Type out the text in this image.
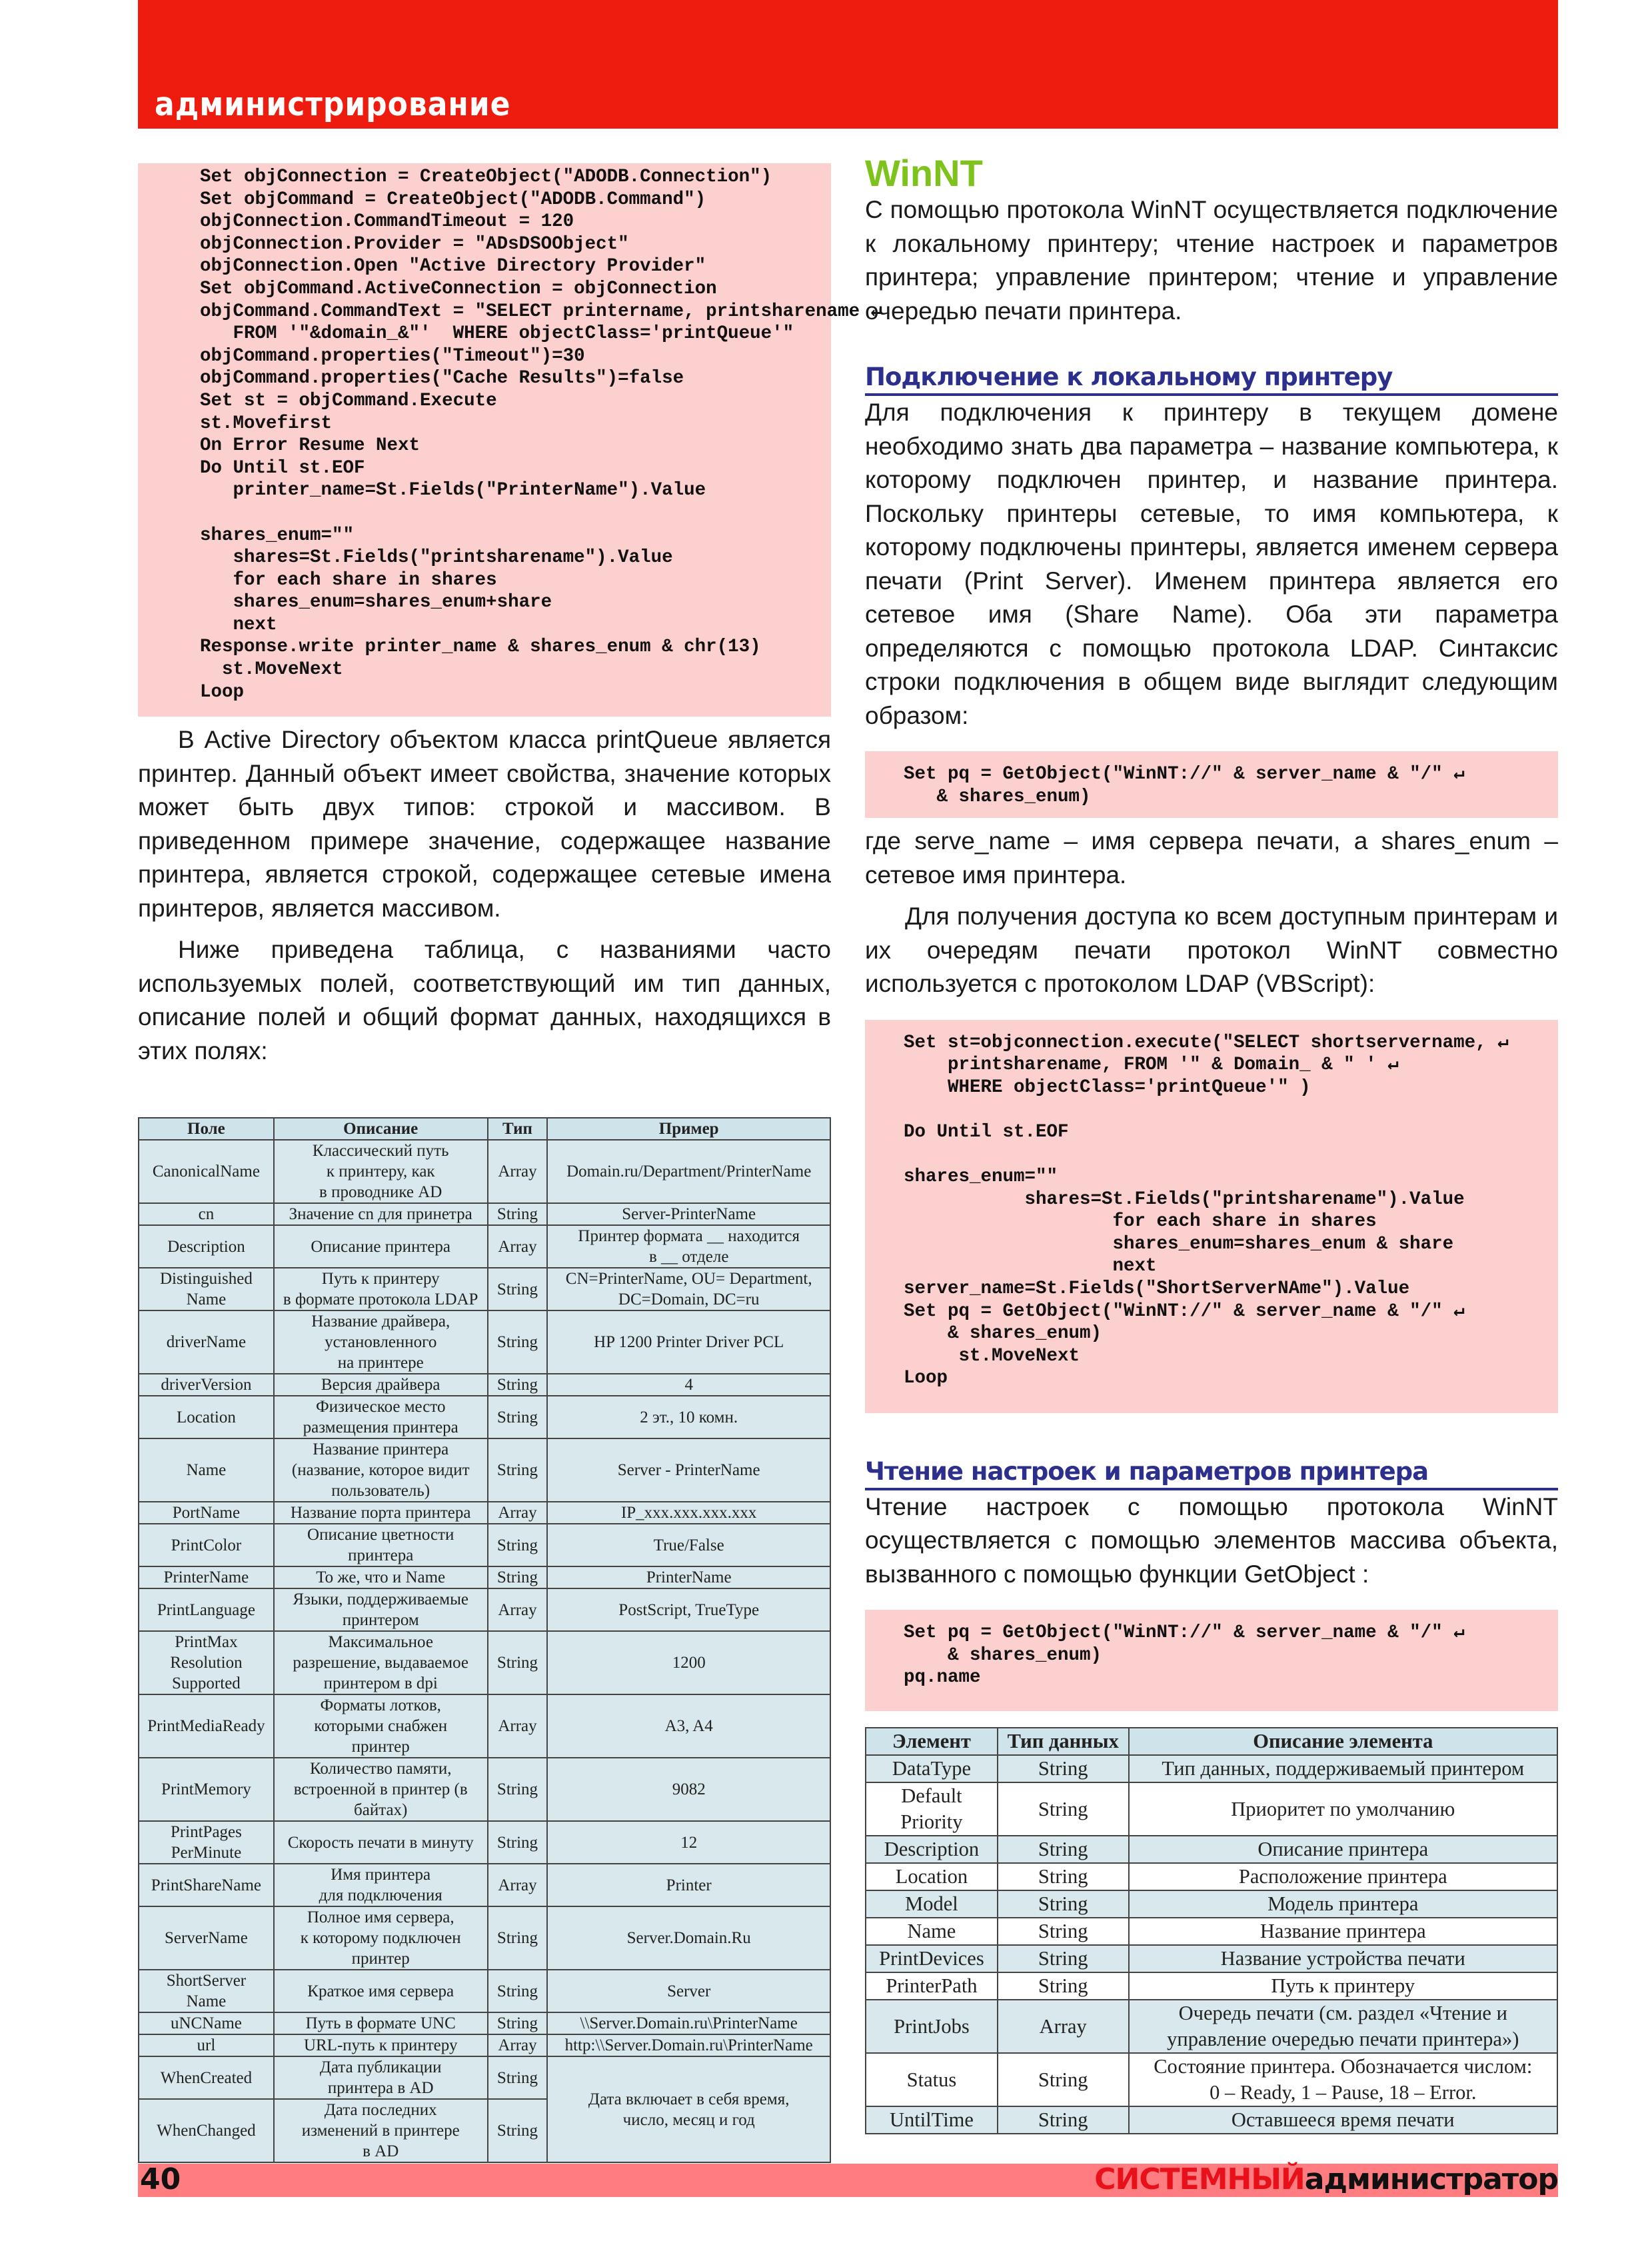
администрирование
Set objConnection = CreateObject("ADODB.Connection")
Set objCommand = CreateObject("ADODB.Command")
objConnection.CommandTimeout = 120
objConnection.Provider = "ADsDSOObject"
objConnection.Open "Active Directory Provider"
Set objCommand.ActiveConnection = objConnection
objCommand.CommandText = "SELECT printername, printsharename ↵
FROM '"&domain_&"'  WHERE objectClass='printQueue'"
objCommand.properties("Timeout")=30
objCommand.properties("Cache Results")=false
Set st = objCommand.Execute
st.Movefirst
On Error Resume Next
Do Until st.EOF
printer_name=St.Fields("PrinterName").Value

shares_enum=""
shares=St.Fields("printsharename").Value
for each share in shares
shares_enum=shares_enum+share
next
Response.write printer_name & shares_enum & chr(13)
st.MoveNext
Loop

В Active Directory объектом класса printQueue является принтер. Данный объект имеет свойства, значение которых может быть двух типов: строкой и массивом. В приведенном примере значение, содержащее название принтера, является строкой, содержащее сетевые имена принтеров, является массивом.

Ниже приведена таблица, с названиями часто используемых полей, соответствующий им тип данных, описание полей и общий формат данных, находящихся в этих полях:

Поле	Описание	Тип	Пример
CanonicalName	Классический путь
к принтеру, как
в проводнике AD	Array	Domain.ru/Department/PrinterName
cn	Значение cn для принетра	String	Server-PrinterName
Description	Описание принтера	Array	Принтер формата __ находится
в __ отделе
Distinguished
Name	Путь к принтеру
в формате протокола LDAP	String	CN=PrinterName, OU= Department,
DC=Domain, DC=ru
driverName	Название драйвера,
установленного
на принтере	String	HP 1200 Printer Driver PCL
driverVersion	Версия драйвера	String	4
Location	Физическое место
размещения принтера	String	2 эт., 10 комн.
Name	Название принтера
(название, которое видит
пользователь)	String	Server - PrinterName
PortName	Название порта принтера	Array	IP_xxx.xxx.xxx.xxx
PrintColor	Описание цветности
принтера	String	True/False
PrinterName	То же, что и Name	String	PrinterName
PrintLanguage	Языки, поддерживаемые
принтером	Array	PostScript, TrueType
PrintMax
Resolution
Supported	Максимальное
разрешение, выдаваемое
принтером в dpi	String	1200
PrintMediaReady	Форматы лотков,
которыми снабжен
принтер	Array	A3, A4
PrintMemory	Количество памяти,
встроенной в принтер (в
байтах)	String	9082
PrintPages
PerMinute	Скорость печати в минуту	String	12
PrintShareName	Имя принтера
для подключения	Array	Printer
ServerName	Полное имя сервера,
к которому подключен
принтер	String	Server.Domain.Ru
ShortServer
Name	Краткое имя сервера	String	Server
uNCName	Путь в формате UNC	String	\\Server.Domain.ru\PrinterName
url	URL-путь к принтеру	Array	http:\\Server.Domain.ru\PrinterName
WhenCreated	Дата публикации
принтера в AD	String	Дата включает в себя время,
число, месяц и год
WhenChanged	Дата последних
изменений в принтере
в AD	String	
WinNT

С помощью протокола WinNT осуществляется подключение к локальному принтеру; чтение настроек и параметров принтера; управление принтером; чтение и управление очередью печати принтера.

Подключение к локальному принтеру

Для подключения к принтеру в текущем домене необходимо знать два параметра – название компьютера, к которому подключен принтер, и название принтера. Поскольку принтеры сетевые, то имя компьютера, к которому подключены принтеры, является именем сервера печати (Print Server). Именем принтера является его сетевое имя (Share Name). Оба эти параметра определяются с помощью протокола LDAP. Синтаксис строки подключения в общем виде выглядит следующим образом:

Set pq = GetObject("WinNT://" & server_name & "/" ↵
& shares_enum)

где serve_name – имя сервера печати, а shares_enum – сетевое имя принтера.

Для получения доступа ко всем доступным принтерам и их очередям печати протокол WinNT совместно используется с протоколом LDAP (VBScript):

Set st=objconnection.execute("SELECT shortservername, ↵
printsharename, FROM '" & Domain_ & " ' ↵
WHERE objectClass='printQueue'" )

Do Until st.EOF

shares_enum=""
shares=St.Fields("printsharename").Value
for each share in shares
shares_enum=shares_enum & share
next
server_name=St.Fields("ShortServerNAme").Value
Set pq = GetObject("WinNT://" & server_name & "/" ↵
& shares_enum)
st.MoveNext
Loop
Чтение настроек и параметров принтера

Чтение настроек с помощью протокола WinNT осуществляется с помощью элементов массива объекта, вызванного с помощью функции GetObject :

Set pq = GetObject("WinNT://" & server_name & "/" ↵
& shares_enum)
pq.name
Элемент	Тип данных	Описание элемента
DataType	String	Тип данных, поддерживаемый принтером
Default
Priority	String	Приоритет по умолчанию
Description	String	Описание принтера
Location	String	Расположение принтера
Model	String	Модель принтера
Name	String	Название принтера
PrintDevices	String	Название устройства печати
PrinterPath	String	Путь к принтеру
PrintJobs	Array	Очередь печати (см. раздел «Чтение и управление очередью печати принтера»)
Status	String	Состояние принтера. Обозначается числом:
0 – Ready, 1 – Pause, 18 – Error.
UntilTime	String	Оставшееся время печати
40	СИСТЕМНЫЙадминистратор
